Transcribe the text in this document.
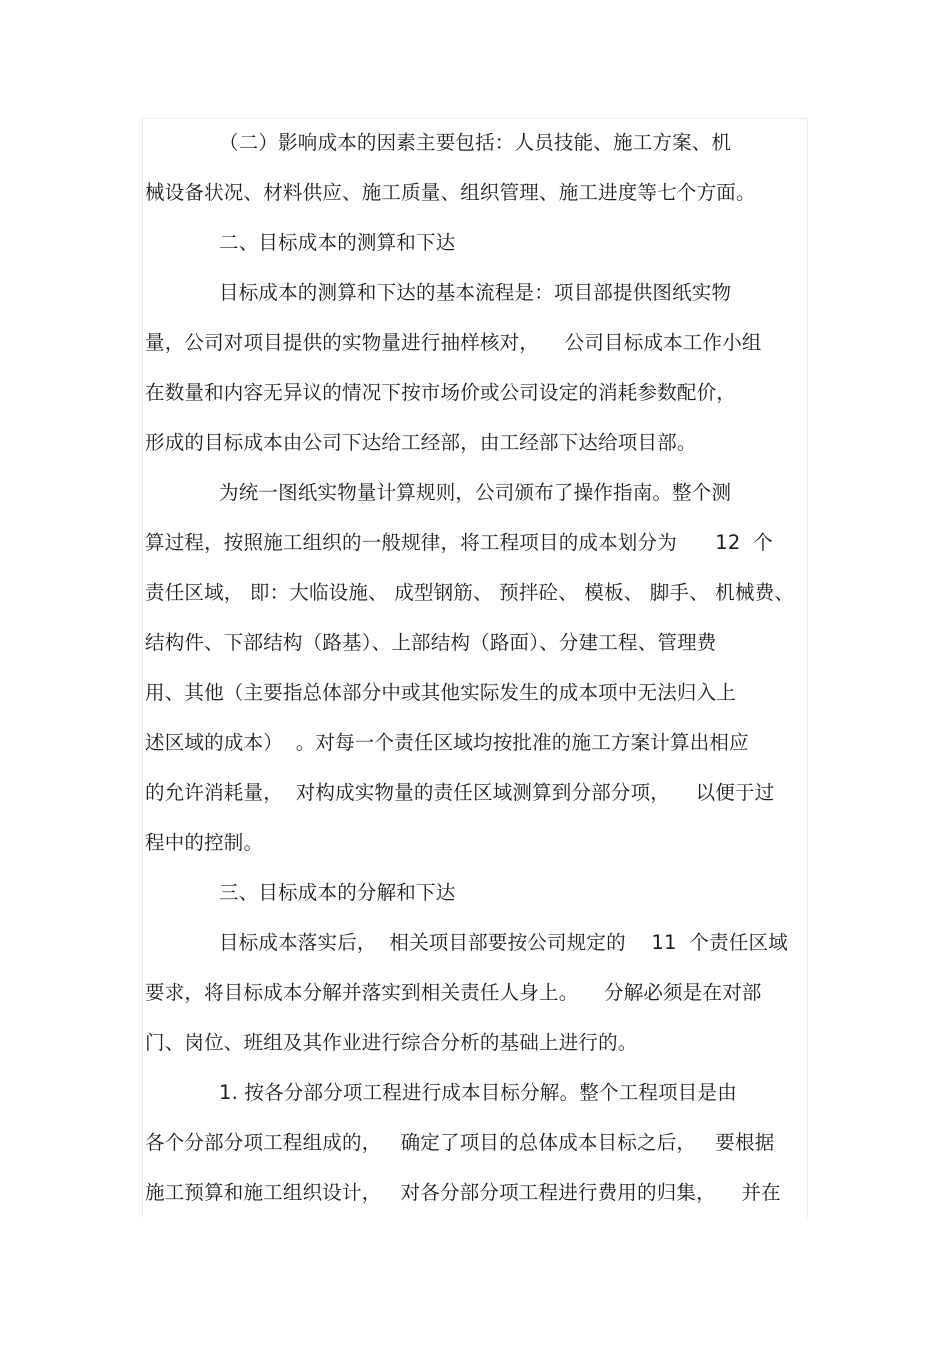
（二）影响成本的因素主要包括：人员技能、施工方案、机
械设备状况、材料供应、施工质量、组织管理、施工进度等七个方面。
二、目标成本的测算和下达
目标成本的测算和下达的基本流程是：项目部提供图纸实物
量，公司对项目提供的实物量进行抽样核对，    公司目标成本工作小组
在数量和内容无异议的情况下按市场价或公司设定的消耗参数配价，
形成的目标成本由公司下达给工经部，由工经部下达给项目部。
为统一图纸实物量计算规则，公司颁布了操作指南。整个测
算过程，按照施工组织的一般规律，将工程项目的成本划分为      12  个
责任区域， 即：大临设施、 成型钢筋、 预拌砼、 模板、 脚手、 机械费、
结构件、下部结构（路基）、上部结构（路面）、分建工程、管理费
用、其他（主要指总体部分中或其他实际发生的成本项中无法归入上
述区域的成本）  。对每一个责任区域均按批准的施工方案计算出相应
的允许消耗量，  对构成实物量的责任区域测算到分部分项，    以便于过
程中的控制。
三、目标成本的分解和下达
目标成本落实后，  相关项目部要按公司规定的    11  个责任区域
要求，将目标成本分解并落实到相关责任人身上。    分解必须是在对部
门、岗位、班组及其作业进行综合分析的基础上进行的。
1. 按各分部分项工程进行成本目标分解。整个工程项目是由
各个分部分项工程组成的，   确定了项目的总体成本目标之后，   要根据
施工预算和施工组织设计，   对各分部分项工程进行费用的归集，    并在
